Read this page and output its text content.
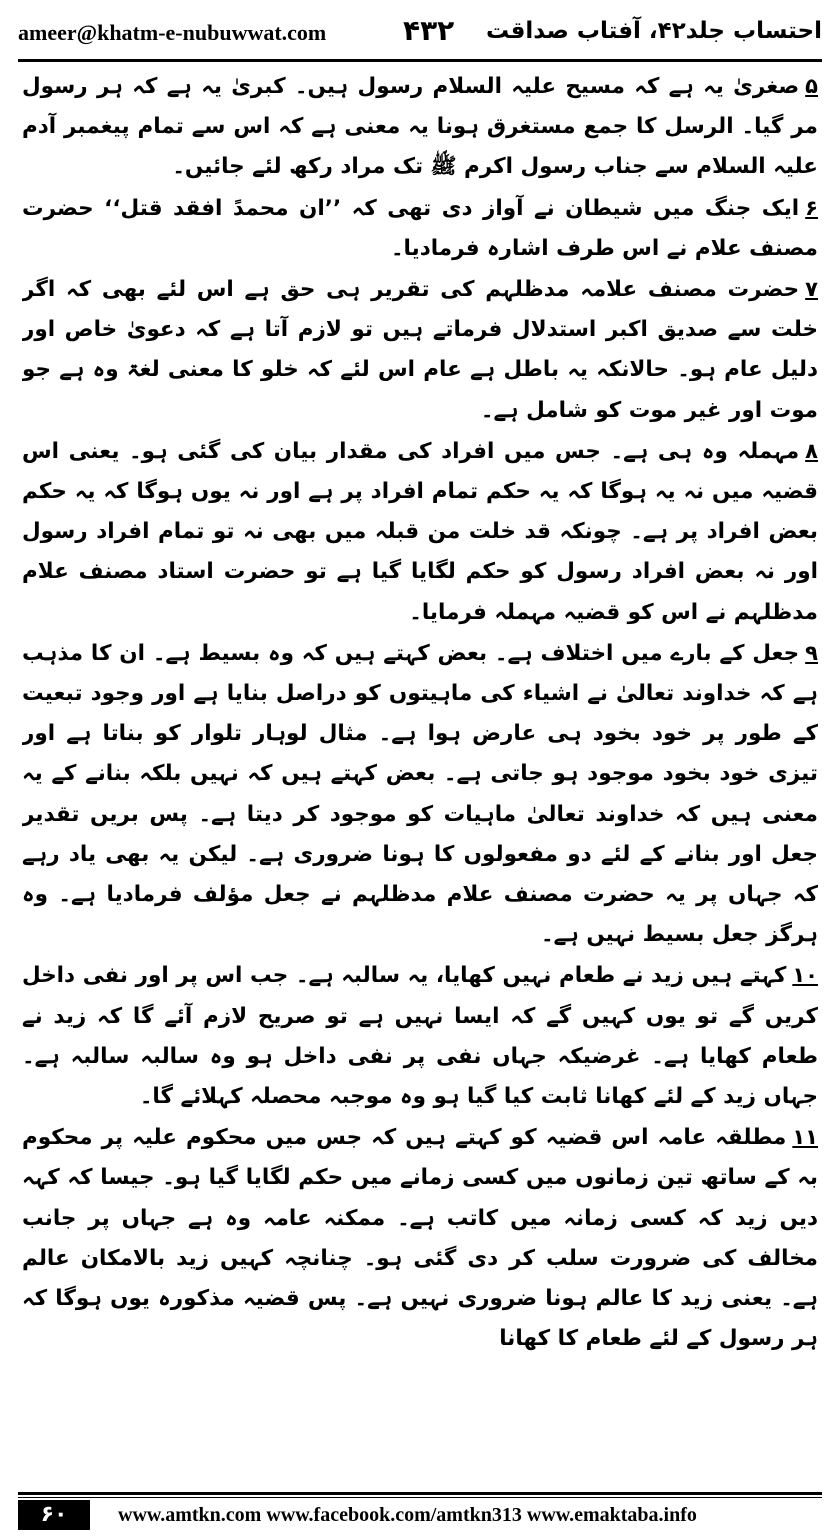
ameer@khatm-e-nubuwwat.com	۴۳۲ احتساب جلد۴۲، آفتاب صداقت

۵صغریٰ یہ ہے کہ مسیح علیہ السلام رسول ہیں۔ کبریٰ یہ ہے کہ ہر رسول مر گیا۔ الرسل کا جمع مستغرق ہونا یہ معنی ہے کہ اس سے تمام پیغمبر آدم علیہ السلام سے جناب رسول اکرم ﷺ تک مراد رکھ لئے جائیں۔

۶ایک جنگ میں شیطان نے آواز دی تھی کہ ’’ان محمدً افقد قتل‘‘ حضرت مصنف علام نے اس طرف اشارہ فرمادیا۔

۷حضرت مصنف علامہ مدظلہم کی تقریر ہی حق ہے اس لئے بھی کہ اگر خلت سے صدیق اکبر استدلال فرماتے ہیں تو لازم آتا ہے کہ دعویٰ خاص اور دلیل عام ہو۔ حالانکہ یہ باطل ہے عام اس لئے کہ خلو کا معنی لغۃ وہ ہے جو موت اور غیر موت کو شامل ہے۔

۸مہملہ وہ ہی ہے۔ جس میں افراد کی مقدار بیان کی گئی ہو۔ یعنی اس قضیہ میں نہ یہ ہوگا کہ یہ حکم تمام افراد پر ہے اور نہ یوں ہوگا کہ یہ حکم بعض افراد پر ہے۔ چونکہ قد خلت من قبلہ میں بھی نہ تو تمام افراد رسول اور نہ بعض افراد رسول کو حکم لگایا گیا ہے تو حضرت استاد مصنف علام مدظلہم نے اس کو قضیہ مہملہ فرمایا۔

۹جعل کے بارے میں اختلاف ہے۔ بعض کہتے ہیں کہ وہ بسیط ہے۔ ان کا مذہب ہے کہ خداوند تعالیٰ نے اشیاء کی ماہیتوں کو دراصل بنایا ہے اور وجود تبعیت کے طور پر خود بخود ہی عارض ہوا ہے۔ مثال لوہار تلوار کو بناتا ہے اور تیزی خود بخود موجود ہو جاتی ہے۔ بعض کہتے ہیں کہ نہیں بلکہ بنانے کے یہ معنی ہیں کہ خداوند تعالیٰ ماہیات کو موجود کر دیتا ہے۔ پس بریں تقدیر جعل اور بنانے کے لئے دو مفعولوں کا ہونا ضروری ہے۔ لیکن یہ بھی یاد رہے کہ جہاں پر یہ حضرت مصنف علام مدظلہم نے جعل مؤلف فرمادیا ہے۔ وہ ہرگز جعل بسیط نہیں ہے۔

۱۰کہتے ہیں زید نے طعام نہیں کھایا، یہ سالبہ ہے۔ جب اس پر اور نفی داخل کریں گے تو یوں کہیں گے کہ ایسا نہیں ہے تو صریح لازم آئے گا کہ زید نے طعام کھایا ہے۔ غرضیکہ جہاں نفی پر نفی داخل ہو وہ سالبہ سالبہ ہے۔ جہاں زید کے لئے کھانا ثابت کیا گیا ہو وہ موجبہ محصلہ کہلائے گا۔

۱۱مطلقہ عامہ اس قضیہ کو کہتے ہیں کہ جس میں محکوم علیہ پر محکوم بہ کے ساتھ تین زمانوں میں کسی زمانے میں حکم لگایا گیا ہو۔ جیسا کہ کہہ دیں زید کہ کسی زمانہ میں کاتب ہے۔ ممکنہ عامہ وہ ہے جہاں پر جانب مخالف کی ضرورت سلب کر دی گئی ہو۔ چنانچہ کہیں زید بالامکان عالم ہے۔ یعنی زید کا عالم ہونا ضروری نہیں ہے۔ پس قضیہ مذکورہ یوں ہوگا کہ ہر رسول کے لئے طعام کا کھانا

۶۰	www.amtkn.com www.facebook.com/amtkn313 www.emaktaba.info
